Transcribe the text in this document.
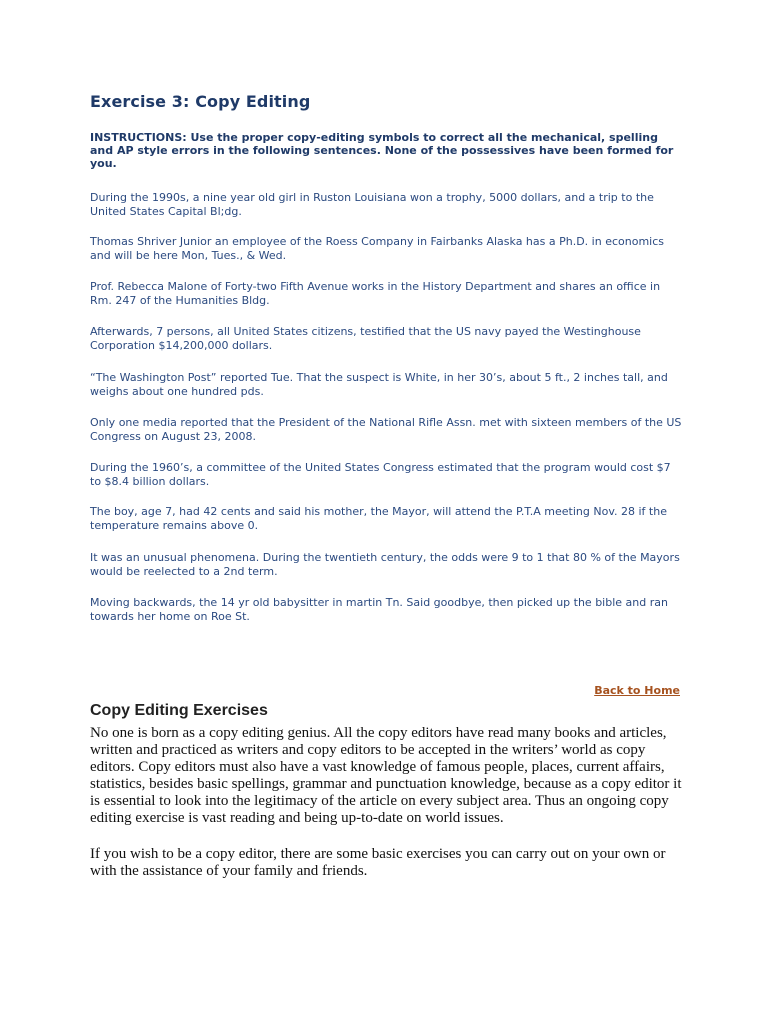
Exercise 3: Copy Editing

INSTRUCTIONS: Use the proper copy-editing symbols to correct all the mechanical, spelling and AP style errors in the following sentences. None of the possessives have been formed for you.

During the 1990s, a nine year old girl in Ruston Louisiana won a trophy, 5000 dollars, and a trip to the United States Capital Bl;dg.

Thomas Shriver Junior an employee of the Roess Company in Fairbanks Alaska has a Ph.D. in economics and will be here Mon, Tues., & Wed.

Prof. Rebecca Malone of Forty-two Fifth Avenue works in the History Department and shares an office in Rm. 247 of the Humanities Bldg.

Afterwards, 7 persons, all United States citizens, testified that the US navy payed the Westinghouse Corporation $14,200,000 dollars.

“The Washington Post” reported Tue. That the suspect is White, in her 30’s, about 5 ft., 2 inches tall, and weighs about one hundred pds.

Only one media reported that the President of the National Rifle Assn. met with sixteen members of the US Congress on August 23, 2008.

During the 1960’s, a committee of the United States Congress estimated that the program would cost $7 to $8.4 billion dollars.

The boy, age 7, had 42 cents and said his mother, the Mayor, will attend the P.T.A meeting Nov. 28 if the temperature remains above 0.

It was an unusual phenomena. During the twentieth century, the odds were 9 to 1 that 80 % of the Mayors would be reelected to a 2nd term.

Moving backwards, the 14 yr old babysitter in martin Tn. Said goodbye, then picked up the bible and ran towards her home on Roe St.

Back to Home
Copy Editing Exercises

No one is born as a copy editing genius. All the copy editors have read many books and articles, written and practiced as writers and copy editors to be accepted in the writers’ world as copy editors. Copy editors must also have a vast knowledge of famous people, places, current affairs, statistics, besides basic spellings, grammar and punctuation knowledge, because as a copy editor it is essential to look into the legitimacy of the article on every subject area. Thus an ongoing copy editing exercise is vast reading and being up-to-date on world issues.

If you wish to be a copy editor, there are some basic exercises you can carry out on your own or with the assistance of your family and friends.
